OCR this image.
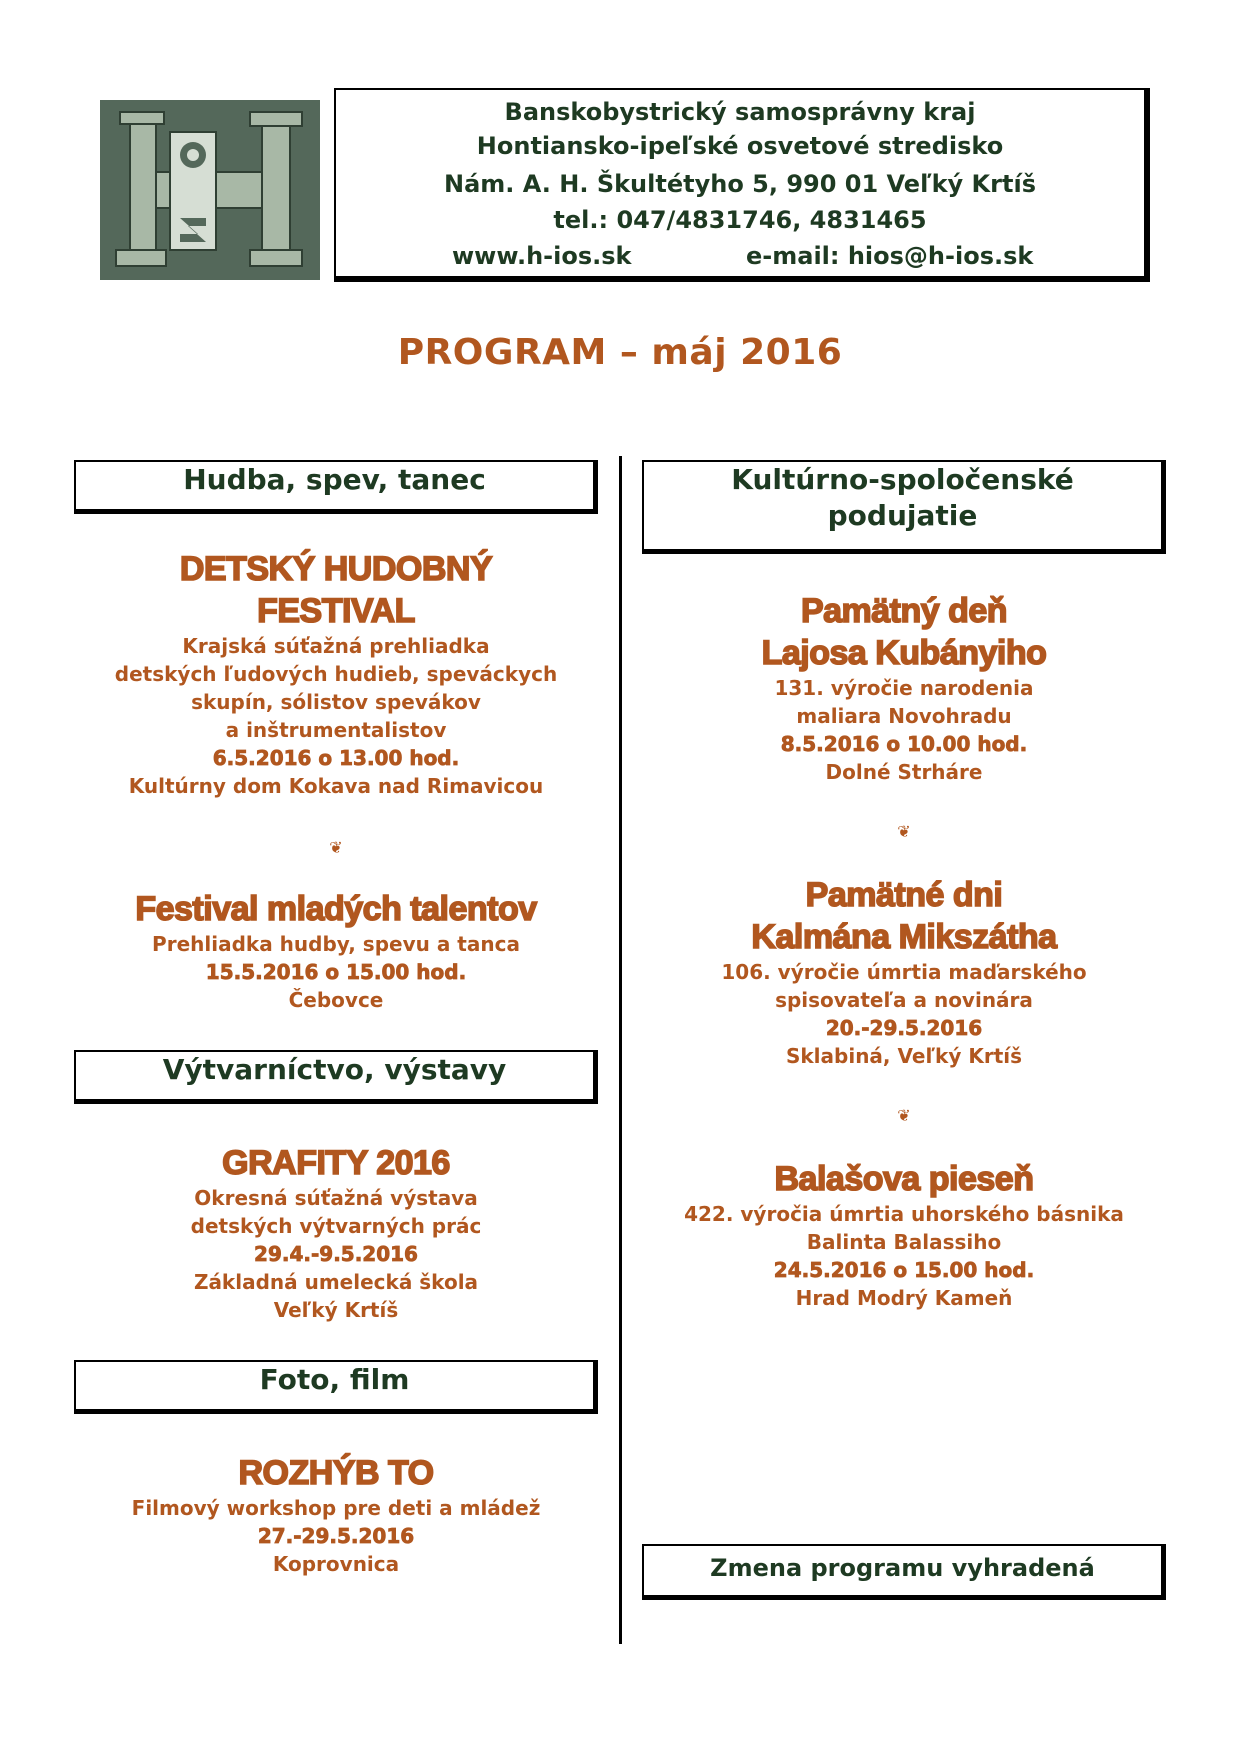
Banskobystrický samosprávny kraj
Hontiansko-ipeľské osvetové stredisko
Nám. A. H. Škultétyho 5, 990 01 Veľký Krtíš
tel.: 047/4831746, 4831465
www.h-ios.sk	e-mail: hios@h-ios.sk
PROGRAM – máj 2016
Hudba, spev, tanec
DETSKÝ HUDOBNÝ
FESTIVAL
Krajská súťažná prehliadka
detských ľudových hudieb, speváckych
skupín, sólistov spevákov
a inštrumentalistov
6.5.2016 o 13.00 hod.
Kultúrny dom Kokava nad Rimavicou
❦
Festival mladých talentov
Prehliadka hudby, spevu a tanca
15.5.2016 o 15.00 hod.
Čebovce
Výtvarníctvo, výstavy
GRAFITY 2016
Okresná súťažná výstava
detských výtvarných prác
29.4.-9.5.2016
Základná umelecká škola
Veľký Krtíš
Foto, film
ROZHÝB TO
Filmový workshop pre deti a mládež
27.-29.5.2016
Koprovnica
Kultúrno-spoločenské
podujatie
Pamätný deň
Lajosa Kubányiho
131. výročie narodenia
maliara Novohradu
8.5.2016 o 10.00 hod.
Dolné Strháre
❦
Pamätné dni
Kalmána Mikszátha
106. výročie úmrtia maďarského
spisovateľa a novinára
20.-29.5.2016
Sklabiná, Veľký Krtíš
❦
Balašova pieseň
422. výročia úmrtia uhorského básnika
Balinta Balassiho
24.5.2016 o 15.00 hod.
Hrad Modrý Kameň
Zmena programu vyhradená
